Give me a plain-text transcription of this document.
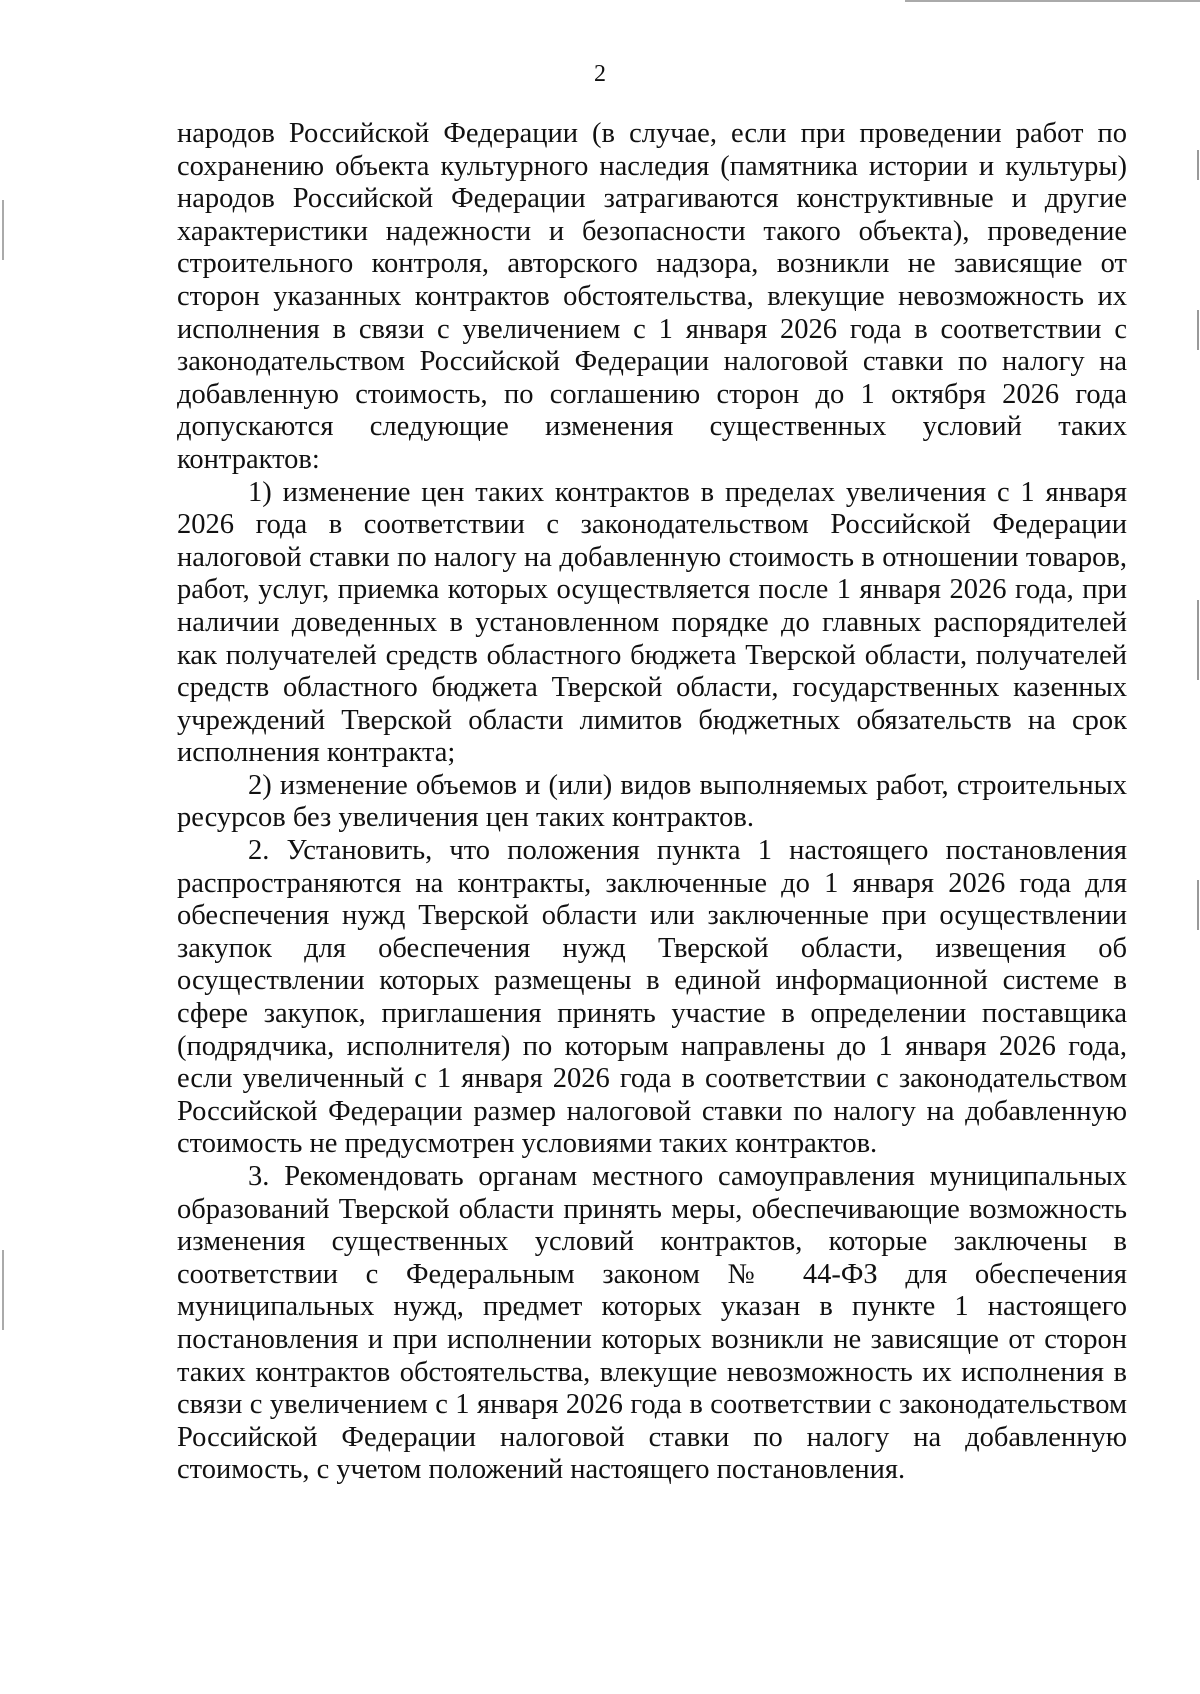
2

народов Российской Федерации (в случае, если при проведении работ по сохранению объекта культурного наследия (памятника истории и культуры) народов Российской Федерации затрагиваются конструктивные и другие характеристики надежности и безопасности такого объекта), проведение строительного контроля, авторского надзора, возникли не зависящие от сторон указанных контрактов обстоятельства, влекущие невозможность их исполнения в связи с увеличением с 1 января 2026 года в соответствии с законодательством Российской Федерации налоговой ставки по налогу на добавленную стоимость, по соглашению сторон до 1 октября 2026 года допускаются следующие изменения существенных условий таких контрактов:

1) изменение цен таких контрактов в пределах увеличения с 1 января 2026 года в соответствии с законодательством Российской Федерации налоговой ставки по налогу на добавленную стоимость в отношении товаров, работ, услуг, приемка которых осуществляется после 1 января 2026 года, при наличии доведенных в установленном порядке до главных распорядителей как получателей средств областного бюджета Тверской области, получателей средств областного бюджета Тверской области, государственных казенных учреждений Тверской области лимитов бюджетных обязательств на срок исполнения контракта;

2) изменение объемов и (или) видов выполняемых работ, строительных ресурсов без увеличения цен таких контрактов.

2. Установить, что положения пункта 1 настоящего постановления распространяются на контракты, заключенные до 1 января 2026 года для обеспечения нужд Тверской области или заключенные при осуществлении закупок для обеспечения нужд Тверской области, извещения об осуществлении которых размещены в единой информационной системе в сфере закупок, приглашения принять участие в определении поставщика (подрядчика, исполнителя) по которым направлены до 1 января 2026 года, если увеличенный с 1 января 2026 года в соответствии с законодательством Российской Федерации размер налоговой ставки по налогу на добавленную стоимость не предусмотрен условиями таких контрактов.

3. Рекомендовать органам местного самоуправления муниципальных образований Тверской области принять меры, обеспечивающие возможность изменения существенных условий контрактов, которые заключены в соответствии с Федеральным законом № 44-ФЗ для обеспечения муниципальных нужд, предмет которых указан в пункте 1 настоящего постановления и при исполнении которых возникли не зависящие от сторон таких контрактов обстоятельства, влекущие невозможность их исполнения в связи с увеличением с 1 января 2026 года в соответствии с законодательством Российской Федерации налоговой ставки по налогу на добавленную стоимость, с учетом положений настоящего постановления.
